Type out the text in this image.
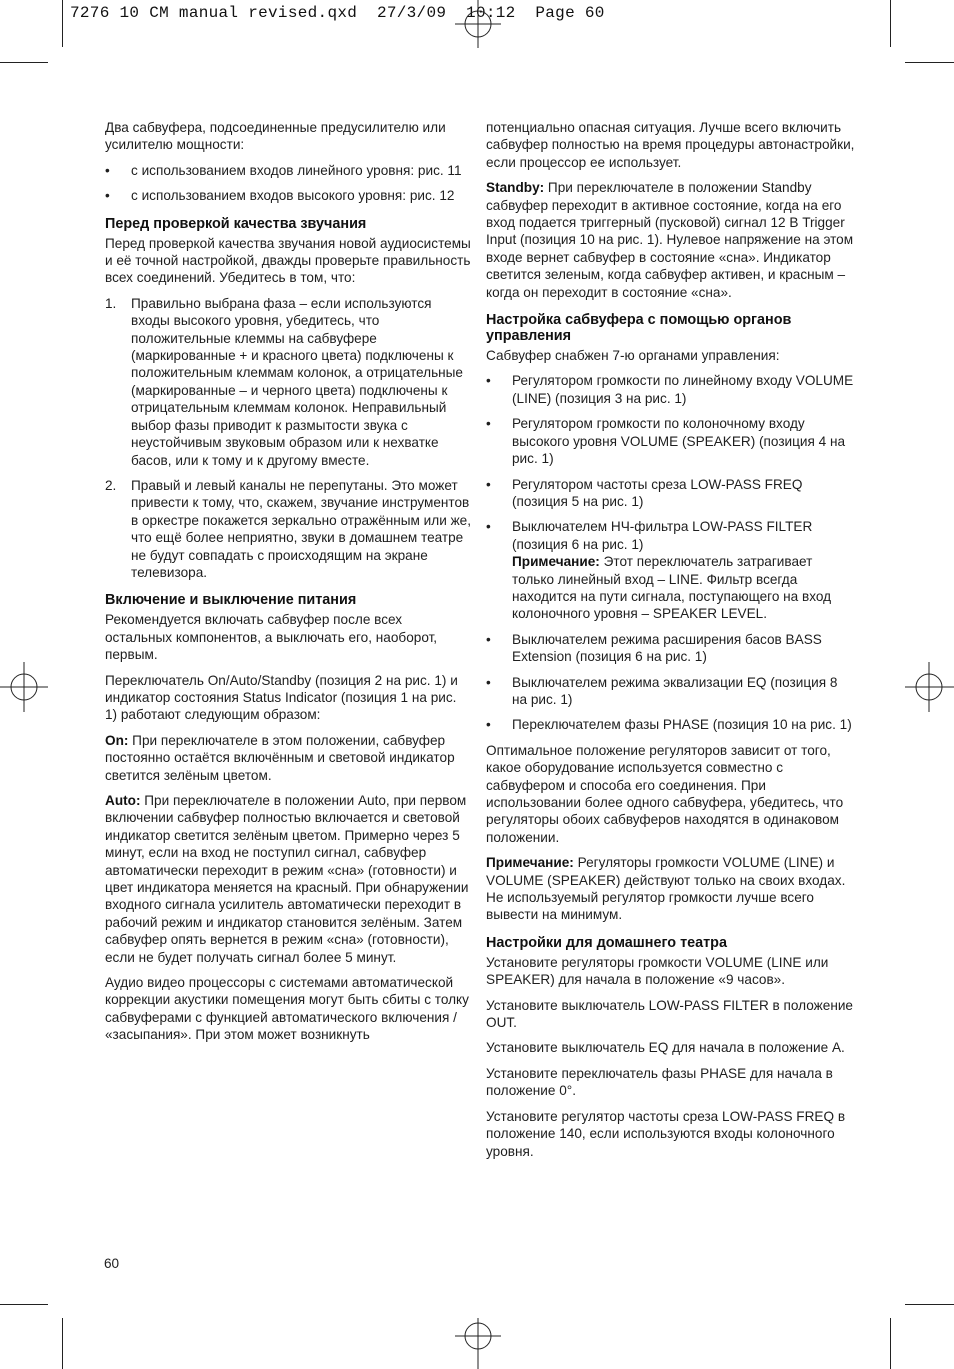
7276 10 CM manual revised.qxd  27/3/09  10:12  Page 60

Два сабвуфера, подсоединенные предусилителю или усилителю мощности:

• с использованием входов линейного уровня: рис. 11
• с использованием входов высокого уровня: рис. 12
Перед проверкой качества звучания

Перед проверкой качества звучания новой аудиосистемы и её точной настройкой, дважды проверьте правильность всех соединений. Убедитесь в том, что:

1. Правильно выбрана фаза – если используются входы высокого уровня, убедитесь, что положительные клеммы на сабвуфере (маркированные + и красного цвета) подключены к положительным клеммам колонок, а отрицательные (маркированные – и черного цвета) подключены к отрицательным клеммам колонок. Неправильный выбор фазы приводит к размытости звука с неустойчивым звуковым образом или к нехватке басов, или к тому и к другому вместе.
2. Правый и левый каналы не перепутаны. Это может привести к тому, что, скажем, звучание инструментов в оркестре покажется зеркально отражённым или же, что ещё более неприятно, звуки в домашнем театре не будут совпадать с происходящим на экране телевизора.
Включение и выключение питания

Рекомендуется включать сабвуфер после всех остальных компонентов, а выключать его, наоборот, первым.

Переключатель On/Auto/Standby (позиция 2 на рис. 1) и индикатор состояния Status Indicator (позиция 1 на рис. 1) работают следующим образом:

On: При переключателе в этом положении, сабвуфер постоянно остаётся включённым и световой индикатор светится зелёным цветом.

Auto: При переключателе в положении Auto, при первом включении сабвуфер полностью включается и световой индикатор светится зелёным цветом. Примерно через 5 минут, если на вход не поступил сигнал, сабвуфер автоматически переходит в режим «сна» (готовности) и цвет индикатора меняется на красный. При обнаружении входного сигнала усилитель автоматически переходит в рабочий режим и индикатор становится зелёным. Затем сабвуфер опять вернется в режим «сна» (готовности), если не будет получать сигнал более 5 минут.

Аудио видео процессоры с системами автоматической коррекции акустики помещения могут быть сбиты с толку сабвуферами с функцией автоматического включения / «засыпания». При этом может возникнуть

потенциально опасная ситуация. Лучше всего включить сабвуфер полностью на время процедуры автонастройки, если процессор ее использует.

Standby: При переключателе в положении Standby сабвуфер переходит в активное состояние, когда на его вход подается триггерный (пусковой) сигнал 12 В Trigger Input (позиция 10 на рис. 1). Нулевое напряжение на этом входе вернет сабвуфер в состояние «сна». Индикатор светится зеленым, когда сабвуфер активен, и красным – когда он переходит в состояние «сна».

Настройка сабвуфера с помощью органов управления

Сабвуфер снабжен 7-ю органами управления:

• Регулятором громкости по линейному входу VOLUME (LINE) (позиция 3 на рис. 1)
• Регулятором громкости по колоночному входу высокого уровня VOLUME (SPEAKER) (позиция 4 на рис. 1)
• Регулятором частоты среза LOW-PASS FREQ (позиция 5 на рис. 1)
• Выключателем НЧ-фильтра LOW-PASS FILTER (позиция 6 на рис. 1)
Примечание: Этот переключатель затрагивает только линейный вход – LINE. Фильтр всегда находится на пути сигнала, поступающего на вход колоночного уровня – SPEAKER LEVEL.
• Выключателем режима расширения басов BASS Extension (позиция 6 на рис. 1)
• Выключателем режима эквализации EQ (позиция 8 на рис. 1)
• Переключателем фазы PHASE (позиция 10 на рис. 1)

Оптимальное положение регуляторов зависит от того, какое оборудование используется совместно с сабвуфером и способа его соединения. При использовании более одного сабвуфера, убедитесь, что регуляторы обоих сабвуферов находятся в одинаковом положении.

Примечание: Регуляторы громкости VOLUME (LINE) и VOLUME (SPEAKER) действуют только на своих входах. Не используемый регулятор громкости лучше всего вывести на минимум.

Настройки для домашнего театра

Установите регуляторы громкости VOLUME (LINE или SPEAKER) для начала в положение «9 часов».

Установите выключатель LOW-PASS FILTER в положение OUT.

Установите выключатель EQ для начала в положение A.

Установите переключатель фазы PHASE для начала в положение 0°.

Установите регулятор частоты среза LOW-PASS FREQ в положение 140, если используются входы колоночного уровня.

60
